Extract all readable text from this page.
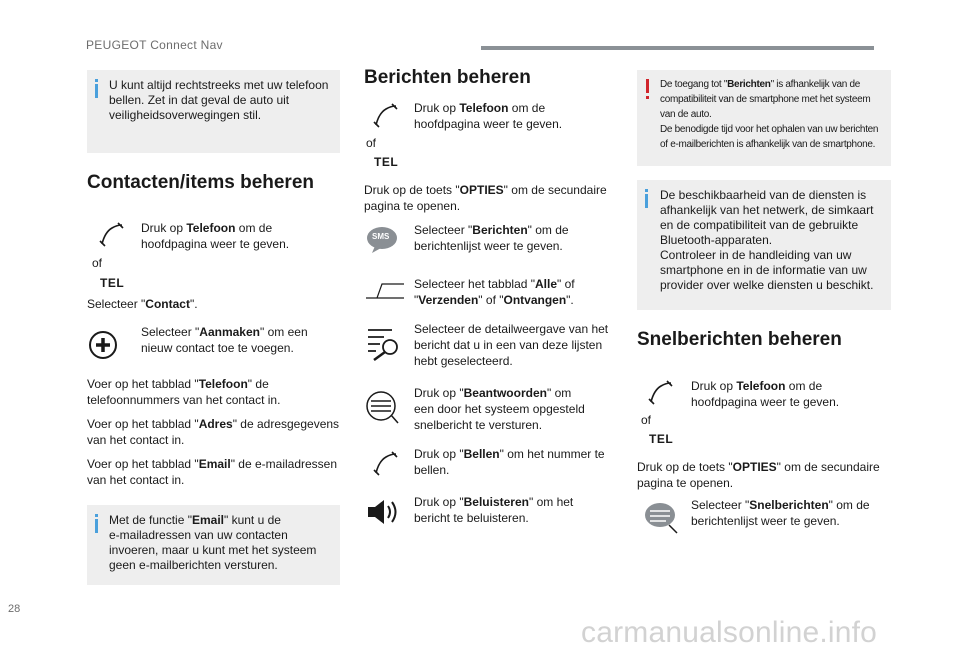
PEUGEOT Connect Nav
U kunt altijd rechtstreeks met uw telefoon
bellen. Zet in dat geval de auto uit
veiligheidsoverwegingen stil.
Contacten/items beheren
of
TEL
Druk op Telefoon om de
hoofdpagina weer te geven.
Selecteer "Contact".
Selecteer "Aanmaken" om een
nieuw contact toe te voegen.
Voer op het tabblad "Telefoon" de
telefoonnummers van het contact in.
Voer op het tabblad "Adres" de adresgegevens
van het contact in.
Voer op het tabblad "Email" de e-mailadressen
van het contact in.
Met de functie "Email" kunt u de
e-mailadressen van uw contacten
invoeren, maar u kunt met het systeem
geen e-mailberichten versturen.
Berichten beheren
of
TEL
Druk op Telefoon om de
hoofdpagina weer te geven.
Druk op de toets "OPTIES" om de secundaire
pagina te openen.
SMS Selecteer "Berichten" om de
berichtenlijst weer te geven.
Selecteer het tabblad "Alle" of
"Verzenden" of "Ontvangen".
Selecteer de detailweergave van het
bericht dat u in een van deze lijsten
hebt geselecteerd.
Druk op "Beantwoorden" om
een door het systeem opgesteld
snelbericht te versturen.
Druk op "Bellen" om het nummer te
bellen.
Druk op "Beluisteren" om het
bericht te beluisteren.
De toegang tot "Berichten" is afhankelijk van de
compatibiliteit van de smartphone met het systeem
van de auto.
De benodigde tijd voor het ophalen van uw berichten
of e-mailberichten is afhankelijk van de smartphone.
De beschikbaarheid van de diensten is
afhankelijk van het netwerk, de simkaart
en de compatibiliteit van de gebruikte
Bluetooth-apparaten.
Controleer in de handleiding van uw
smartphone en in de informatie van uw
provider over welke diensten u beschikt.
Snelberichten beheren
of
TEL
Druk op Telefoon om de
hoofdpagina weer te geven.
Druk op de toets "OPTIES" om de secundaire
pagina te openen.
Selecteer "Snelberichten" om de
berichtenlijst weer te geven.
28
carmanualsonline.info
